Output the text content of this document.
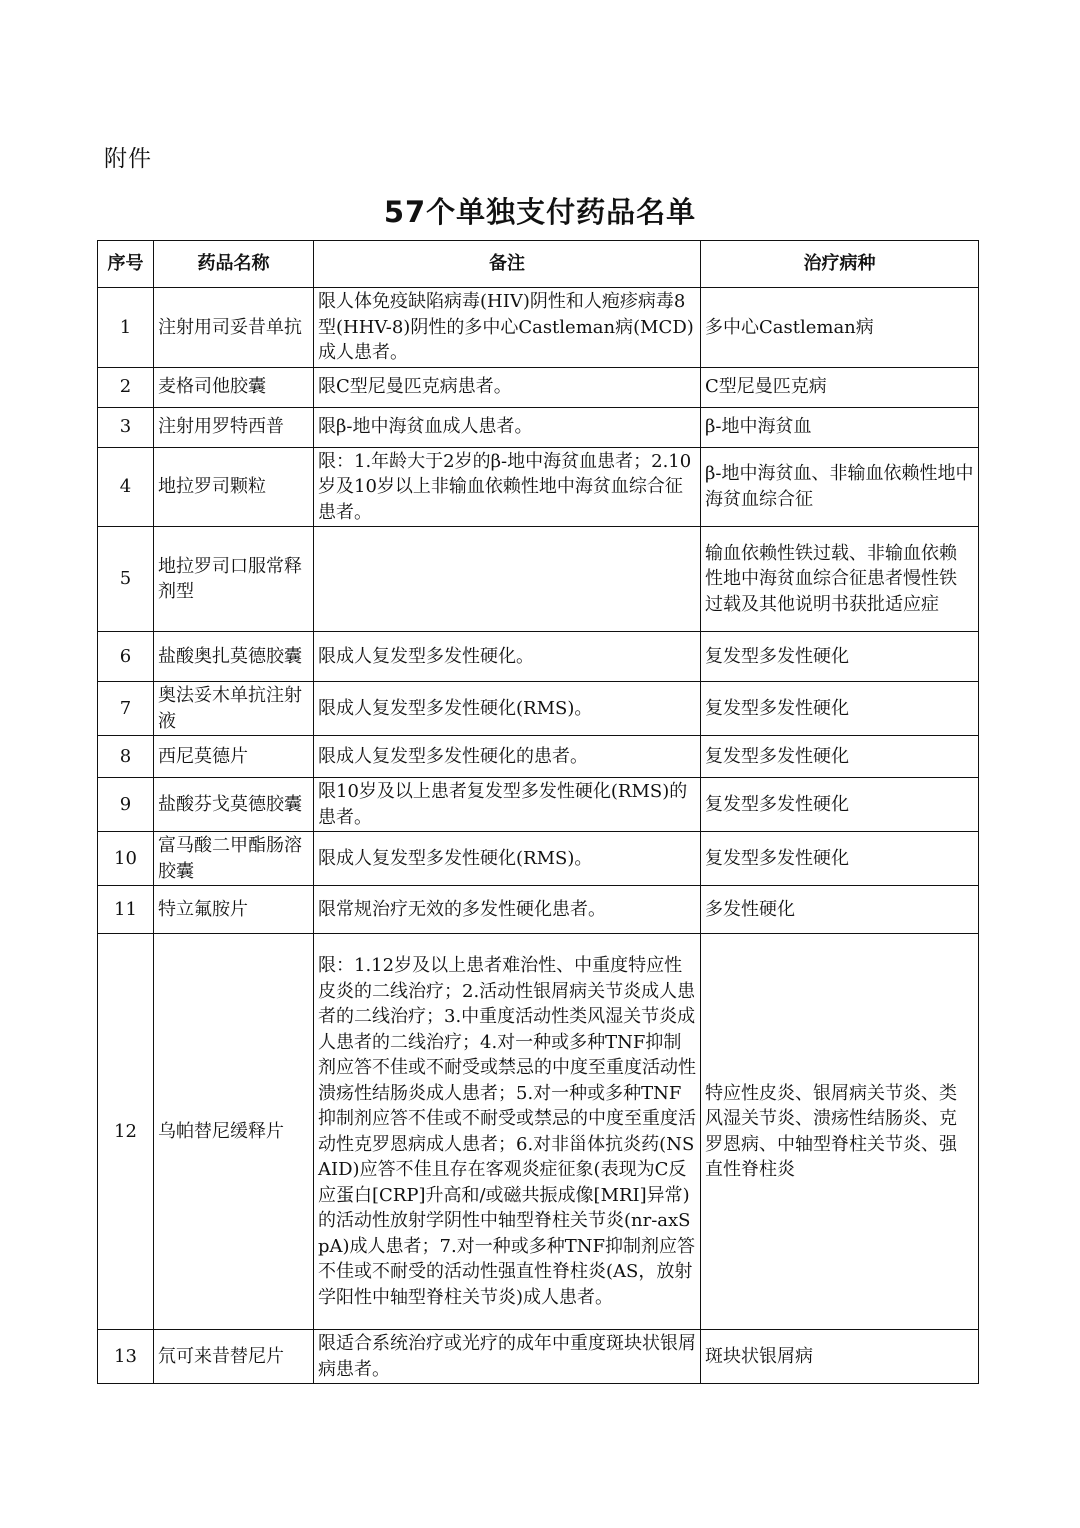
附件
57个单独支付药品名单
序号	药品名称	备注	治疗病种
1	注射用司妥昔单抗	限人体免疫缺陷病毒(HIV)阴性和人疱疹病毒8型(HHV-8)阴性的多中心Castleman病(MCD)成人患者。	多中心Castleman病
2	麦格司他胶囊	限C型尼曼匹克病患者。	C型尼曼匹克病
3	注射用罗特西普	限β-地中海贫血成人患者。	β-地中海贫血
4	地拉罗司颗粒	限：1.年龄大于2岁的β-地中海贫血患者；2.10岁及10岁以上非输血依赖性地中海贫血综合征患者。	β-地中海贫血、非输血依赖性地中海贫血综合征
5	地拉罗司口服常释剂型		输血依赖性铁过载、非输血依赖性地中海贫血综合征患者慢性铁过载及其他说明书获批适应症
6	盐酸奥扎莫德胶囊	限成人复发型多发性硬化。	复发型多发性硬化
7	奥法妥木单抗注射液	限成人复发型多发性硬化(RMS)。	复发型多发性硬化
8	西尼莫德片	限成人复发型多发性硬化的患者。	复发型多发性硬化
9	盐酸芬戈莫德胶囊	限10岁及以上患者复发型多发性硬化(RMS)的患者。	复发型多发性硬化
10	富马酸二甲酯肠溶胶囊	限成人复发型多发性硬化(RMS)。	复发型多发性硬化
11	特立氟胺片	限常规治疗无效的多发性硬化患者。	多发性硬化
12	乌帕替尼缓释片	限：1.12岁及以上患者难治性、中重度特应性皮炎的二线治疗；2.活动性银屑病关节炎成人患者的二线治疗；3.中重度活动性类风湿关节炎成人患者的二线治疗；4.对一种或多种TNF抑制剂应答不佳或不耐受或禁忌的中度至重度活动性溃疡性结肠炎成人患者；5.对一种或多种TNF抑制剂应答不佳或不耐受或禁忌的中度至重度活动性克罗恩病成人患者；6.对非甾体抗炎药(NSAID)应答不佳且存在客观炎症征象(表现为C反应蛋白[CRP]升高和/或磁共振成像[MRI]异常)的活动性放射学阴性中轴型脊柱关节炎(nr-axSpA)成人患者；7.对一种或多种TNF抑制剂应答不佳或不耐受的活动性强直性脊柱炎(AS，放射学阳性中轴型脊柱关节炎)成人患者。	特应性皮炎、银屑病关节炎、类风湿关节炎、溃疡性结肠炎、克罗恩病、中轴型脊柱关节炎、强直性脊柱炎
13	氘可来昔替尼片	限适合系统治疗或光疗的成年中重度斑块状银屑病患者。	斑块状银屑病
